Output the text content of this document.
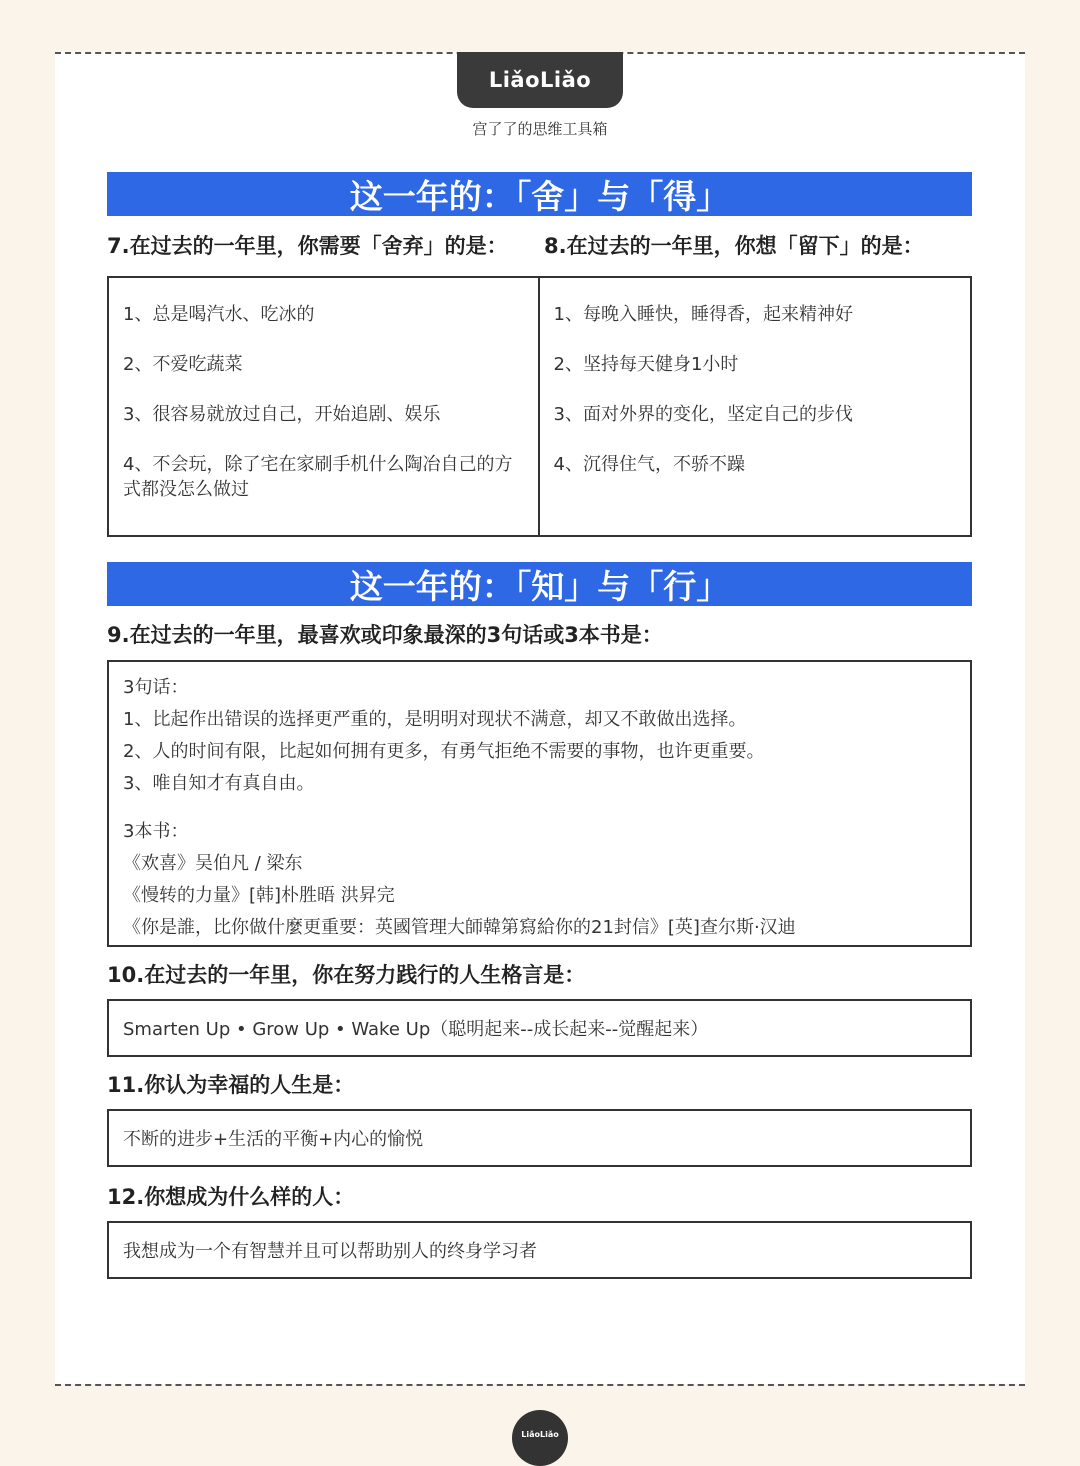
LiǎoLiǎo
宫了了的思维工具箱
这一年的：「舍」与「得」
7.在过去的一年里，你需要「舍弃」的是： 8.在过去的一年里，你想「留下」的是：
1、总是喝汽水、吃冰的
2、不爱吃蔬菜
3、很容易就放过自己，开始追剧、娱乐
4、不会玩，除了宅在家刷手机什么陶冶自己的方式都没怎么做过
1、每晚入睡快，睡得香，起来精神好
2、坚持每天健身1小时
3、面对外界的变化，坚定自己的步伐
4、沉得住气，不骄不躁
这一年的：「知」与「行」
9.在过去的一年里，最喜欢或印象最深的3句话或3本书是：
3句话：
1、比起作出错误的选择更严重的，是明明对现状不满意，却又不敢做出选择。
2、人的时间有限，比起如何拥有更多，有勇气拒绝不需要的事物，也许更重要。
3、唯自知才有真自由。
3本书：
《欢喜》吴伯凡 / 梁东
《慢转的力量》[韩]朴胜晤 洪昇完
《你是誰，比你做什麼更重要：英國管理大師韓第寫給你的21封信》[英]查尔斯·汉迪
10.在过去的一年里，你在努力践行的人生格言是：
Smarten Up • Grow Up • Wake Up（聪明起来--成长起来--觉醒起来）
11.你认为幸福的人生是：
不断的进步+生活的平衡+内心的愉悦
12.你想成为什么样的人：
我想成为一个有智慧并且可以帮助别人的终身学习者
LiǎoLiǎo
